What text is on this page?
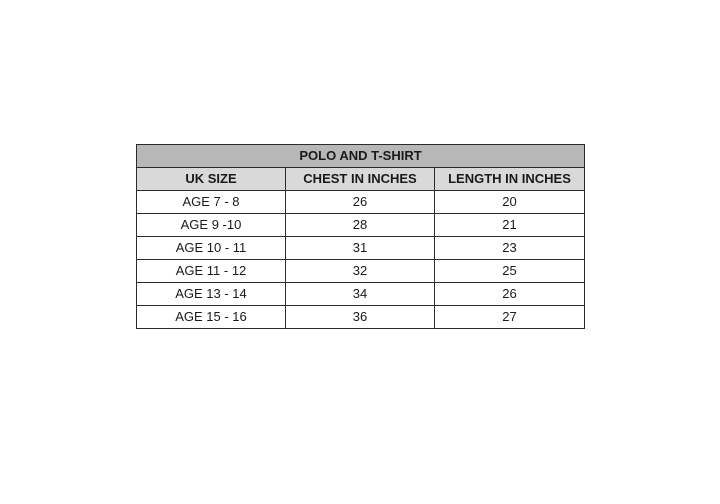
POLO AND T-SHIRT		
UK SIZE	CHEST IN INCHES	LENGTH IN INCHES
AGE 7 - 8	26	20
AGE 9 -10	28	21
AGE 10 - 11	31	23
AGE 11 - 12	32	25
AGE 13 - 14	34	26
AGE 15 - 16	36	27
